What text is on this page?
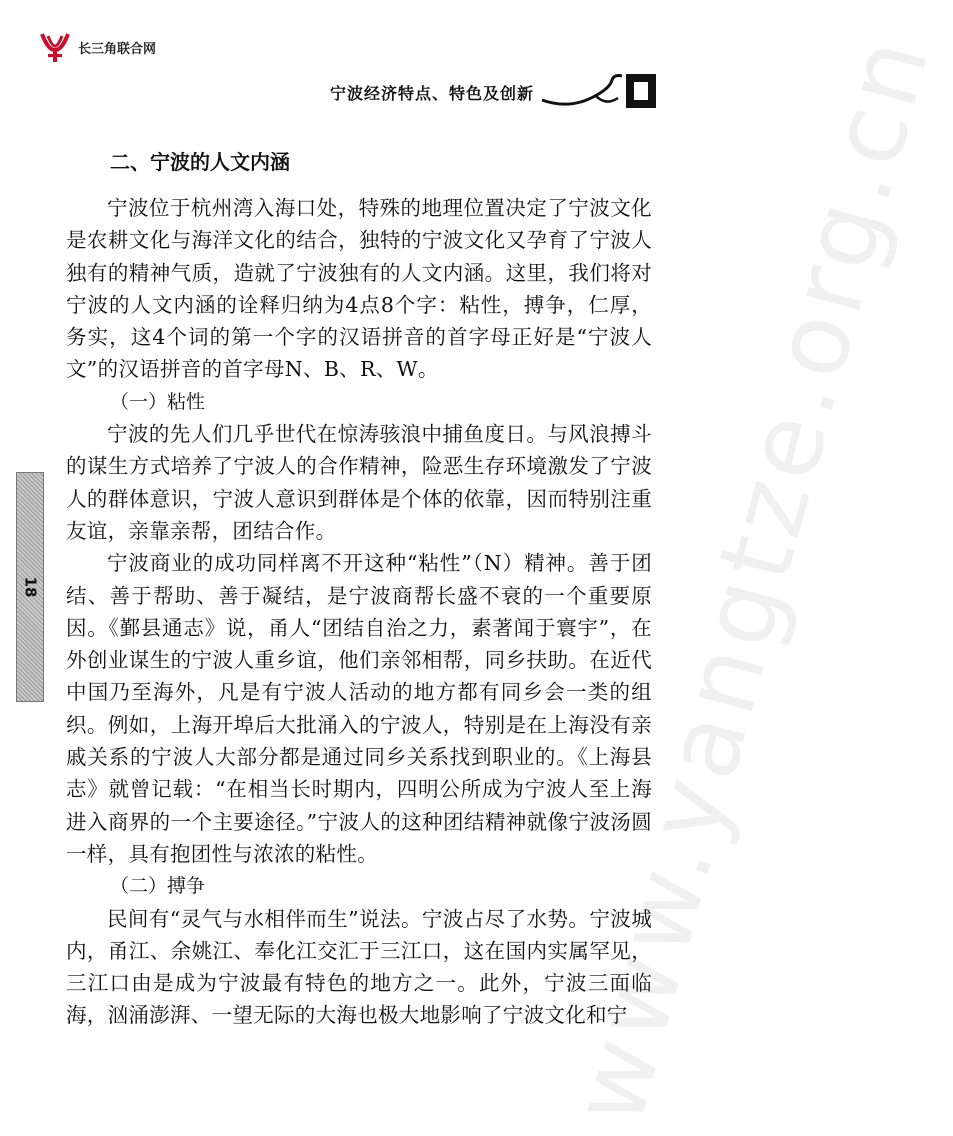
长三角联合网
宁波经济特点、特色及创新 www.yangtze.org.cn
18
二、宁波的人文内涵

宁波位于杭州湾入海口处，特殊的地理位置决定了宁波文化是农耕文化与海洋文化的结合，独特的宁波文化又孕育了宁波人独有的精神气质，造就了宁波独有的人文内涵。这里，我们将对宁波的人文内涵的诠释归纳为4点8个字：粘性，搏争，仁厚，务实，这4个词的第一个字的汉语拼音的首字母正好是“宁波人文”的汉语拼音的首字母N、B、R、W。

（一）粘性

宁波的先人们几乎世代在惊涛骇浪中捕鱼度日。与风浪搏斗的谋生方式培养了宁波人的合作精神，险恶生存环境激发了宁波人的群体意识，宁波人意识到群体是个体的依靠，因而特别注重友谊，亲靠亲帮，团结合作。

宁波商业的成功同样离不开这种“粘性”（N）精神。善于团结、善于帮助、善于凝结，是宁波商帮长盛不衰的一个重要原因。《鄞县通志》说，甬人“团结自治之力，素著闻于寰宇”，在外创业谋生的宁波人重乡谊，他们亲邻相帮，同乡扶助。在近代中国乃至海外，凡是有宁波人活动的地方都有同乡会一类的组织。例如，上海开埠后大批涌入的宁波人，特别是在上海没有亲戚关系的宁波人大部分都是通过同乡关系找到职业的。《上海县志》就曾记载：“在相当长时期内，四明公所成为宁波人至上海进入商界的一个主要途径。”宁波人的这种团结精神就像宁波汤圆一样，具有抱团性与浓浓的粘性。

（二）搏争

民间有“灵气与水相伴而生”说法。宁波占尽了水势。宁波城内，甬江、余姚江、奉化江交汇于三江口，这在国内实属罕见，三江口由是成为宁波最有特色的地方之一。此外，宁波三面临海，汹涌澎湃、一望无际的大海也极大地影响了宁波文化和宁
